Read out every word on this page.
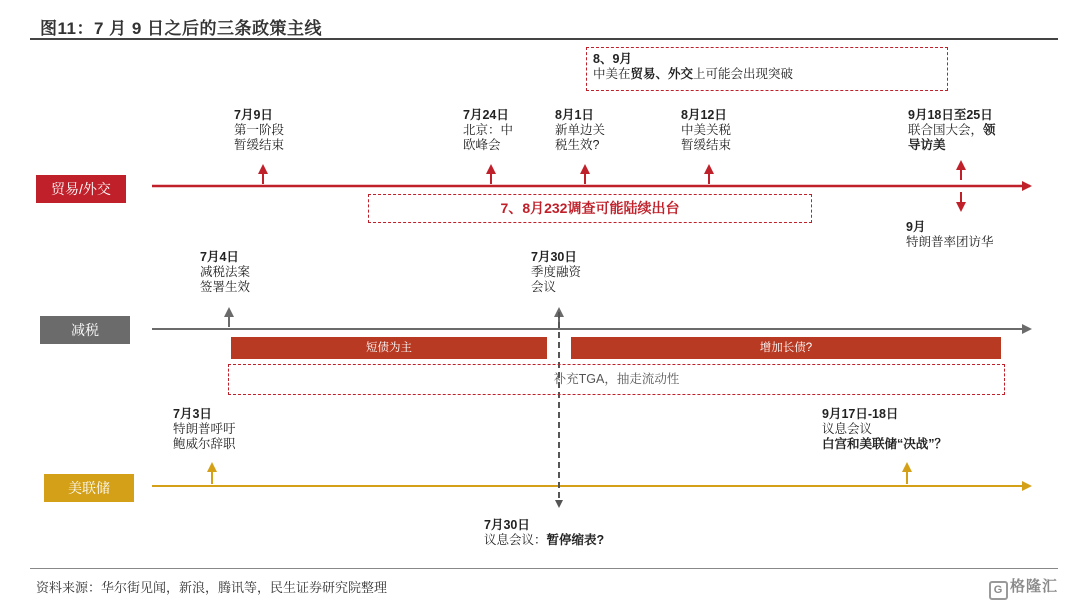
图11：7 月 9 日之后的三条政策主线
贸易/外交
减税
美联储
8、9月
中美在贸易、外交上可能会出现突破
7月9日
第一阶段
暂缓结束
7月24日
北京：中
欧峰会
8月1日
新单边关
税生效?
8月12日
中美关税
暂缓结束
9月18日至25日
联合国大会，领
导访美
9月
特朗普率团访华
7、8月232调查可能陆续出台
7月4日
减税法案
签署生效
7月30日
季度融资
会议
短债为主	增加长债?
补充TGA，抽走流动性
7月3日
特朗普呼吁
鲍威尔辞职
9月17日-18日
议息会议
白宫和美联储“决战”？
7月30日
议息会议：暂停缩表?
资料来源：华尔街见闻，新浪，腾讯等，民生证券研究院整理	G 格隆汇
